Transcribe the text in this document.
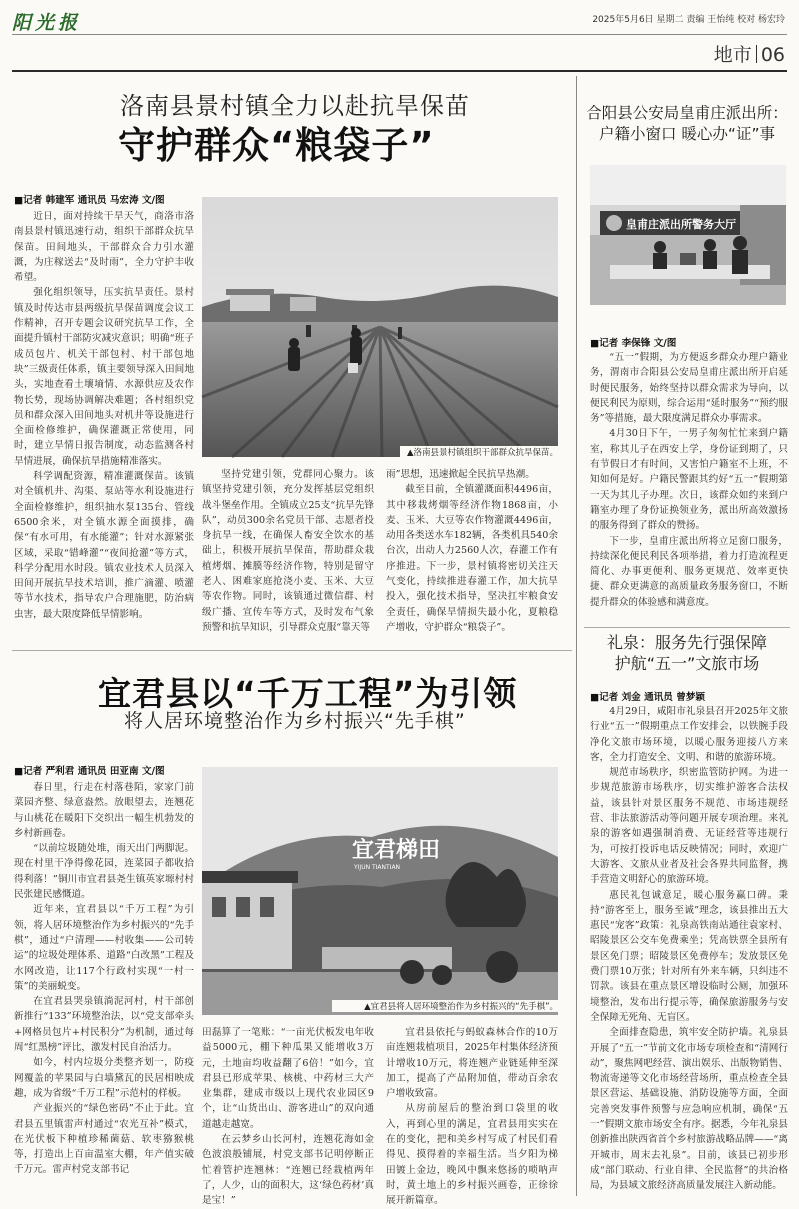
阳光报	2025年5月6日 星期二 责编 王怡纯 校对 杨宏玲
地市 06
洛南县景村镇全力以赴抗旱保苗
守护群众“粮袋子”
■记者 韩建军 通讯员 马宏涛 文/图

近日，面对持续干旱天气，商洛市洛南县景村镇迅速行动，组织干部群众抗旱保苗。田间地头，干部群众合力引水灌溉，为庄稼送去“及时雨”，全力守护丰收希望。

强化组织领导，压实抗旱责任。景村镇及时传达市县两级抗旱保苗调度会议工作精神，召开专题会议研究抗旱工作，全面提升镇村干部防灾减灾意识；明确“班子成员包片、机关干部包村、村干部包地块”三级责任体系，镇主要领导深入田间地头，实地查看土壤墒情、水源供应及农作物长势，现场协调解决难题；各村组织党员和群众深入田间地头对机井等设施进行全面检修维护，确保灌溉正常使用，同时，建立旱情日报告制度，动态监测各村旱情进展，确保抗旱措施精准落实。

科学调配资源，精准灌溉保苗。该镇对全镇机井、沟渠、泵站等水利设施进行全面检修维护，组织抽水泵135台、管线6500余米，对全镇水源全面摸排，确保“有水可用，有水能灌”；针对水源紧张区域，采取“错峰灌”“夜间抢灌”等方式，科学分配用水时段。镇农业技术人员深入田间开展抗旱技术培训，推广滴灌、喷灌等节水技术，指导农户合理施肥，防治病虫害，最大限度降低旱情影响。

▲洛南县景村镇组织干部群众抗旱保苗。

坚持党建引领，党群同心聚力。该镇坚持党建引领，充分发挥基层党组织战斗堡垒作用。全镇成立25支“抗旱先锋队”，动员300余名党员干部、志愿者投身抗旱一线，在确保人畜安全饮水的基础上，积极开展抗旱保苗，帮助群众栽植烤烟、摊膜等经济作物，特别是留守老人、困难家庭抢浇小麦、玉米、大豆等农作物。同时，该镇通过微信群、村级广播、宣传车等方式，及时发布气象预警和抗旱知识，引导群众克服“靠天等

雨”思想，迅速掀起全民抗旱热潮。

截至目前，全镇灌溉面积4496亩，其中移栽烤烟等经济作物1868亩，小麦、玉米、大豆等农作物灌溉4496亩，动用各类送水车182辆，各类机具540余台次，出动人力2560人次，春灌工作有序推进。下一步，景村镇将密切关注天气变化，持续推进春灌工作，加大抗旱投入，强化技术指导，坚决扛牢粮食安全责任，确保旱情损失最小化，夏粮稳产增收，守护群众“粮袋子”。

宜君县以“千万工程”为引领
将人居环境整治作为乡村振兴“先手棋”
■记者 严利君 通讯员 田亚南 文/图

春日里，行走在村落巷陌，家家门前菜园齐整、绿意盎然。放眼望去，连翘花与山桃花在暖阳下交织出一幅生机勃发的乡村新画卷。

“以前垃圾随处堆，雨天出门两脚泥。现在村里干净得像花园，连菜园子都收拾得利落！”铜川市宜君县尧生镇英家塬村村民张建民感慨道。

近年来，宜君县以“千万工程”为引领，将人居环境整治作为乡村振兴的“先手棋”，通过“户清理——村收集——公司转运”的垃圾处理体系、道路“白改黑”工程及水网改造，让117个行政村实现“一村一策”的美丽蜕变。

在宜君县哭泉镇淌泥河村，村干部创新推行“133”环境整治法，以“党支部牵头+网格员包片+村民积分”为机制，通过每周“红黑榜”评比，激发村民自治活力。

如今，村内垃圾分类整齐划一，防疫网覆盖的苹果园与白墙黛瓦的民居相映成趣，成为省级“千万工程”示范村的样板。

产业振兴的“绿色密码”不止于此。宜君县五里镇雷声村通过“农光互补”模式，在光伏板下种植珍稀菌菇、软枣猕猴桃等，打造出上百亩温室大棚，年产值实破千万元。雷声村党支部书记

宜君梯田
YIJUN TIANTIAN
▲宜君县将人居环境整治作为乡村振兴的“先手棋”。

田磊算了一笔账：“一亩光伏板发电年收益5000元，棚下种瓜果又能增收3万元，土地亩均收益翻了6倍！”如今，宜君县已形成苹果、核桃、中药材三大产业集群，建成市级以上现代农业园区9个，让“山货出山、游客进山”的双向通道越走越宽。

在云梦乡山长河村，连翘花海如金色波浪般铺展，村党支部书记明停断正忙着管护连翘林：“连翘已经栽植两年了，人少，山的面积大，这‘绿色药材’真是宝！”

宜君县依托与蚂蚁森林合作的10万亩连翘栽植项目，2025年村集体经济预计增收10万元，将连翘产业链延伸至深加工，提高了产品附加值，带动百余农户增收致富。

从房前屋后的整治到口袋里的收入，再到心里的满足，宜君县用实实在在的变化，把和美乡村写成了村民们看得见、摸得着的幸福生活。当夕阳为梯田镀上金边，晚风中飘来悠扬的唢呐声时，黄土地上的乡村振兴画卷，正徐徐展开新篇章。

合阳县公安局皇甫庄派出所：
户籍小窗口 暖心办“证”事
皇甫庄派出所警务大厅
■记者 李保锋 文/图

“五一”假期，为方便返乡群众办理户籍业务，渭南市合阳县公安局皇甫庄派出所开启延时便民服务，始终坚持以群众需求为导向，以便民利民为原则，综合运用“延时服务”“预约服务”等措施，最大限度满足群众办事需求。

4月30日下午，一男子匆匆忙忙来到户籍室，称其儿子在西安上学，身份证到期了，只有节假日才有时间，又害怕户籍室不上班，不知如何是好。户籍民警跟其约好“五一”假期第一天为其儿子办理。次日，该群众如约来到户籍室办理了身份证换领业务，派出所高效激扬的服务得到了群众的赞扬。

下一步，皇甫庄派出所将立足窗口服务，持续深化便民利民各项举措，着力打造流程更简化、办事更便利、服务更规范、效率更快捷、群众更满意的高质量政务服务窗口，不断提升群众的体验感和满意度。

礼泉：服务先行强保障
护航“五一”文旅市场
■记者 刘金 通讯员 曾梦颖

4月29日，咸阳市礼泉县召开2025年文旅行业“五一”假期重点工作安排会，以铁腕手段净化文旅市场环境，以暖心服务迎接八方来客，全力打造安全、文明、和谐的旅游环境。

规范市场秩序，织密监管防护网。为进一步规范旅游市场秩序，切实维护游客合法权益，该县针对景区服务不规范、市场违规经营、非法旅游活动等问题开展专项治理。来礼泉的游客如遇强制消费、无证经营等违规行为，可按打投诉电话反映情况；同时，欢迎广大游客、文旅从业者及社会各界共同监督，携手营造文明舒心的旅游环境。

惠民礼包诚意足，暖心服务赢口碑。秉持“游客至上，服务至诚”理念，该县推出五大惠民“宠客”政策：礼泉高铁南站通往袁家村、昭陵景区公交车免费乘坐；凭高铁票全县所有景区免门票；昭陵景区免费停车；发放景区免费门票10万张；针对所有外来车辆，只纠违不罚款。该县在重点景区增设临时公厕，加强环境整治，发布出行提示等，确保旅游服务与安全保障无死角、无盲区。

全面排查隐患，筑牢安全防护墙。礼泉县开展了“五一”节前文化市场专项检查和“清网行动”，聚焦网吧经营、演出娱乐、出版物销售、物流寄递等文化市场经营场所，重点检查全县景区营运、基础设施、消防设施等方面，全面完善突发事件预警与应急响应机制，确保“五一”假期文旅市场安全有序。据悉，今年礼泉县创新推出陕西省首个乡村旅游战略品牌——“离开城市，周末去礼泉”。目前，该县已初步形成“部门联动、行业自律、全民监督”的共治格局，为县域文旅经济高质量发展注入新动能。
